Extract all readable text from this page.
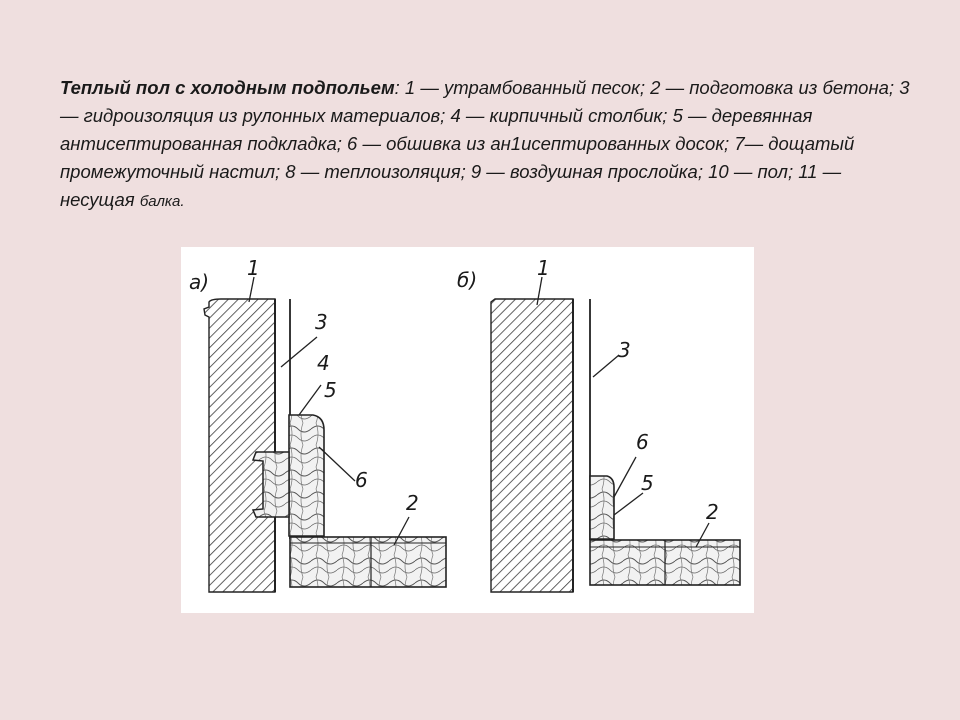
Теплый пол с холодным подпольем: 1 — утрамбованный песок; 2 — подготовка из бетона; 3 — гидроизоляция из рулонных материалов; 4 — кирпичный столбик; 5 — деревянная антисептированная подкладка; 6 — обшивка из ан1исептированных досок; 7— дощатый промежуточный настил; 8 — теплоизоляция; 9 — воздушная прослойка; 10 — пол; 11 — несущая балка.

а)
1
3
4
5
6
2
б)	1
3
6
5
2
